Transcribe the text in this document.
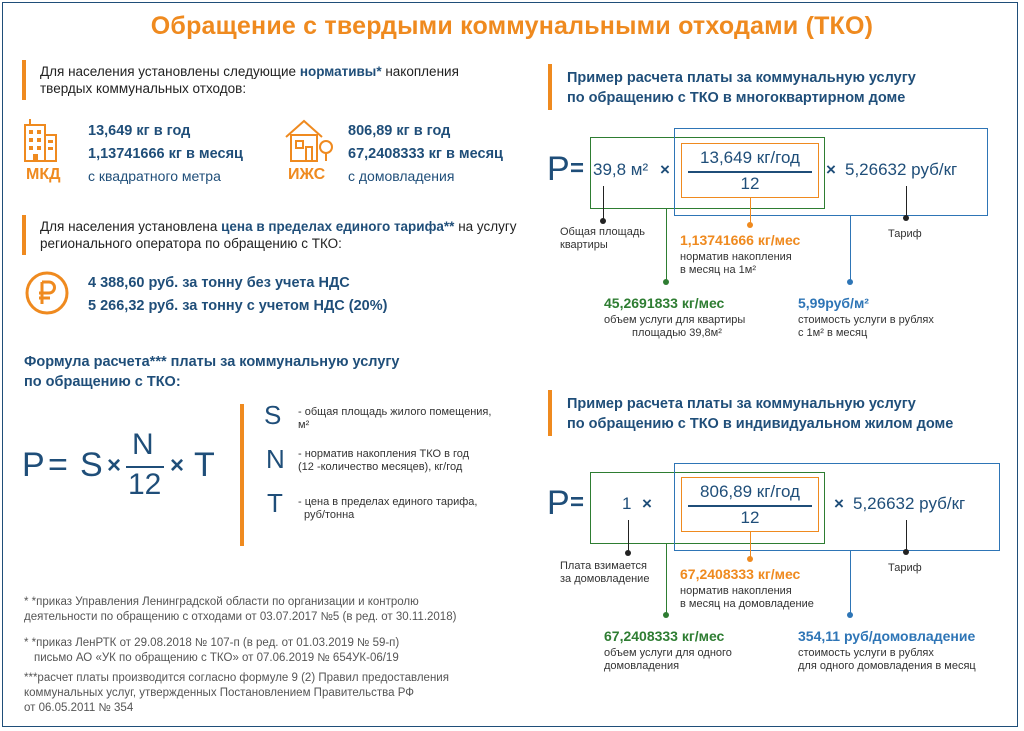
Обращение с твердыми коммунальными отходами (ТКО)
Для населения установлены следующие нормативы* накопления
твердых коммунальных отходов:
МКД
13,649 кг в год
1,13741666 кг в месяц
с квадратного метра	ИЖС
806,89 кг в год
67,2408333 кг в месяц
с домовладения
Для населения установлена цена в пределах единого тарифа** на услугу
регионального оператора по обращению с ТКО:
4 388,60 руб. за тонну без учета НДС
5 266,32 руб. за тонну с учетом НДС (20%)
Формула расчета*** платы за коммунальную услугу
по обращению с ТКО:
P = S ×
N
12
× T
S - общая площадь жилого помещения,
м²
N - норматив накопления ТКО в год
(12 -количество месяцев), кг/год
T - цена в пределах единого тарифа,
руб/тонна
* *приказ Управления Ленинградской области по организации и контролю
деятельности по обращению с отходами от 03.07.2017 №5 (в ред. от 30.11.2018)
* *приказ ЛенРТК от 29.08.2018 № 107-п (в ред. от 01.03.2019 № 59-п)
письмо АО «УК по обращению с ТКО» от 07.06.2019 № 654УК-06/19
***расчет платы производится согласно формуле 9 (2) Правил предоставления
коммунальных услуг, утвержденных Постановлением Правительства РФ
от 06.05.2011 № 354
Пример расчета платы за коммунальную услугу
по обращению с ТКО в многоквартирном доме
P = 39,8 м² ×
13,649 кг/год
12
× 5,26632 руб/кг
Общая площадь
квартиры
Тариф
1,13741666 кг/мес
норматив накопления
в месяц на 1м²
45,2691833 кг/мес
объем услуги для квартиры
площадью 39,8м²
5,99руб/м²
стоимость услуги в рублях
с 1м² в месяц
Пример расчета платы за коммунальную услугу
по обращению с ТКО в индивидуальном жилом доме
P = 1 ×
806,89 кг/год
12
× 5,26632 руб/кг
Плата взимается
за домовладение
Тариф
67,2408333 кг/мес
норматив накопления
в месяц на домовладение
67,2408333 кг/мес
объем услуги для одного
домовладения
354,11 руб/домовладение
стоимость услуги в рублях
для одного домовладения в месяц
